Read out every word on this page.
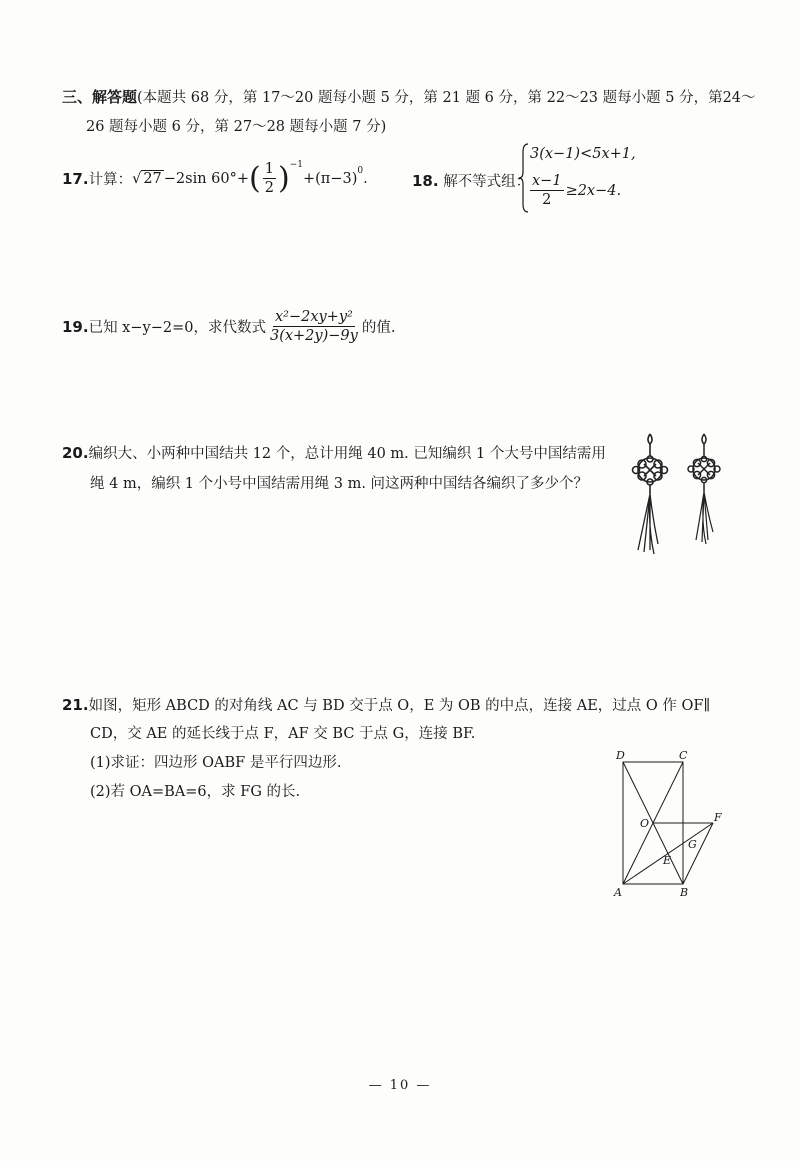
三、解答题(本题共 68 分，第 17～20 题每小题 5 分，第 21 题 6 分，第 22～23 题每小题 5 分，第24～
26 题每小题 6 分，第 27～28 题每小题 7 分)
17. 计算： √ 27 −2sin 60°+ ( $\frac{1}{2} )^{-1}$
$+(\pi-3)^0$ .	18. 解不等式组：
3(x−1)<5x+1,
$\frac{x-1}{2} \ge 2x-4$.
19. 已知 x−y−2=0，求代数式 $\frac{\text{x²−2xy+y²}}{3(x+2y)-9y}$ 的值.
20.编织大、小两种中国结共 12 个，总计用绳 40 m. 已知编织 1 个大号中国结需用
绳 4 m，编织 1 个小号中国结需用绳 3 m. 问这两种中国结各编织了多少个？
21.如图，矩形 ABCD 的对角线 AC 与 BD 交于点 O，E 为 OB 的中点，连接 AE，过点 O 作 OF∥
CD，交 AE 的延长线于点 F，AF 交 BC 于点 G，连接 BF.
(1)求证：四边形 OABF 是平行四边形.
(2)若 OA=BA=6，求 FG 的长.
D	C
O	F
G
E
A	B
— 10 —
